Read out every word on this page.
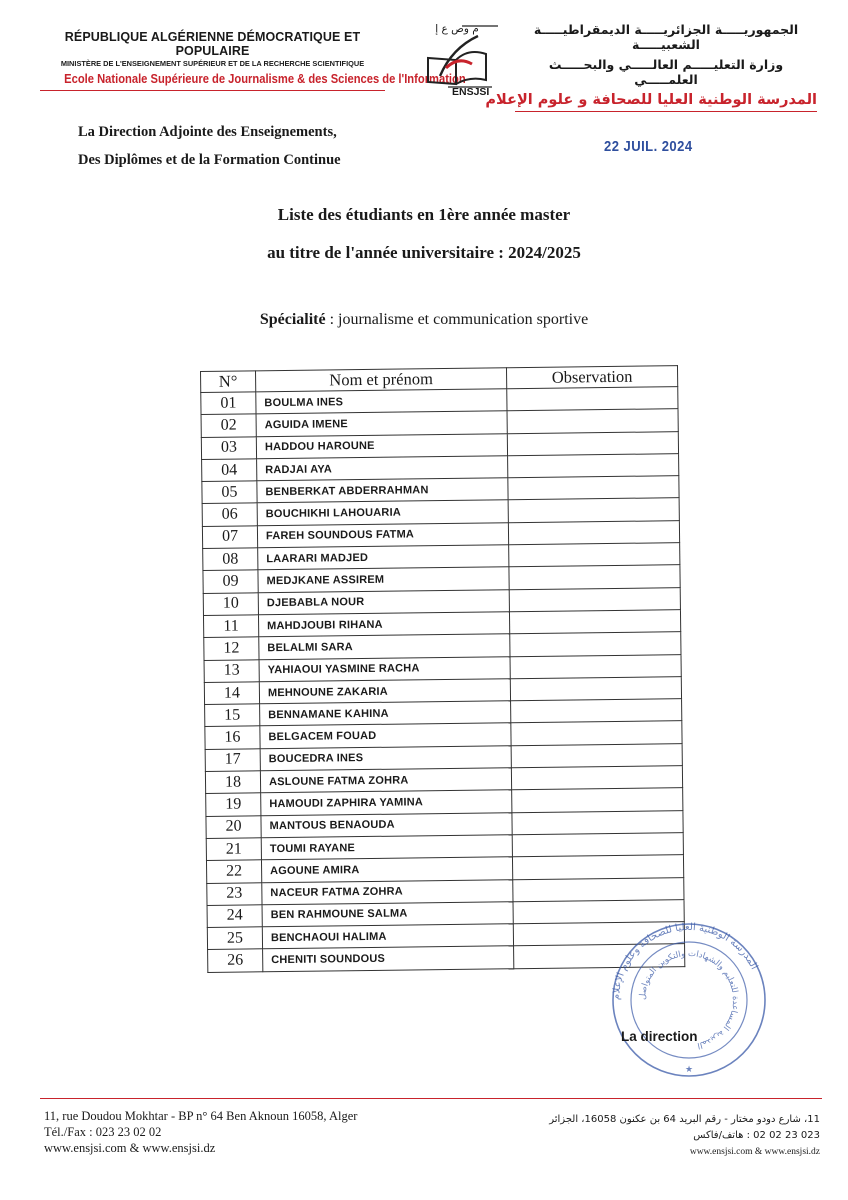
RÉPUBLIQUE ALGÉRIENNE DÉMOCRATIQUE ET POPULAIRE
MINISTÈRE DE L'ENSEIGNEMENT SUPÉRIEUR ET DE LA RECHERCHE SCIENTIFIQUE
Ecole Nationale Supérieure de Journalisme & des Sciences de l'Information
م وص ع إ
ENSJSI
الجمهوريـــــة الجزائريـــــة الديمقراطيـــــة الشعبيـــــة
وزارة التعليـــــم العالـــــي والبحـــــث العلمـــــي
المدرسة الوطنية العليا للصحافة و علوم الإعلام
La Direction Adjointe des Enseignements,
Des Diplômes et de la Formation Continue
22 JUIL. 2024
Liste des étudiants en 1ère année master
au titre de l'année universitaire : 2024/2025
Spécialité : journalisme et communication sportive
N°	Nom et prénom	Observation
01	BOULMA INES	
02	AGUIDA IMENE	
03	HADDOU HAROUNE	
04	RADJAI AYA	
05	BENBERKAT ABDERRAHMAN	
06	BOUCHIKHI LAHOUARIA	
07	FAREH SOUNDOUS FATMA	
08	LAARARI MADJED	
09	MEDJKANE ASSIREM	
10	DJEBABLA NOUR	
11	MAHDJOUBI RIHANA	
12	BELALMI SARA	
13	YAHIAOUI YASMINE RACHA	
14	MEHNOUNE ZAKARIA	
15	BENNAMANE KAHINA	
16	BELGACEM FOUAD	
17	BOUCEDRA INES	
18	ASLOUNE FATMA ZOHRA	
19	HAMOUDI ZAPHIRA YAMINA	
20	MANTOUS BENAOUDA	
21	TOUMI RAYANE	
22	AGOUNE AMIRA	
23	NACEUR FATMA ZOHRA	
24	BEN RAHMOUNE SALMA	
25	BENCHAOUI HALIMA	
26	CHENITI SOUNDOUS	
المدرسة الوطنية العليا للصحافة وعلوم الإعلام
المديرية المساعدة للتعليم والشهادات والتكوين المتواصل
★
La direction
11, rue Doudou Mokhtar - BP n° 64 Ben Aknoun 16058, Alger
Tél./Fax : 023 23 02 02
www.ensjsi.com & www.ensjsi.dz
11، شارع دودو مختار - رقم البريد 64 بن عكنون 16058، الجزائر
023 23 02 02 : هاتف/فاكس
www.ensjsi.com & www.ensjsi.dz
